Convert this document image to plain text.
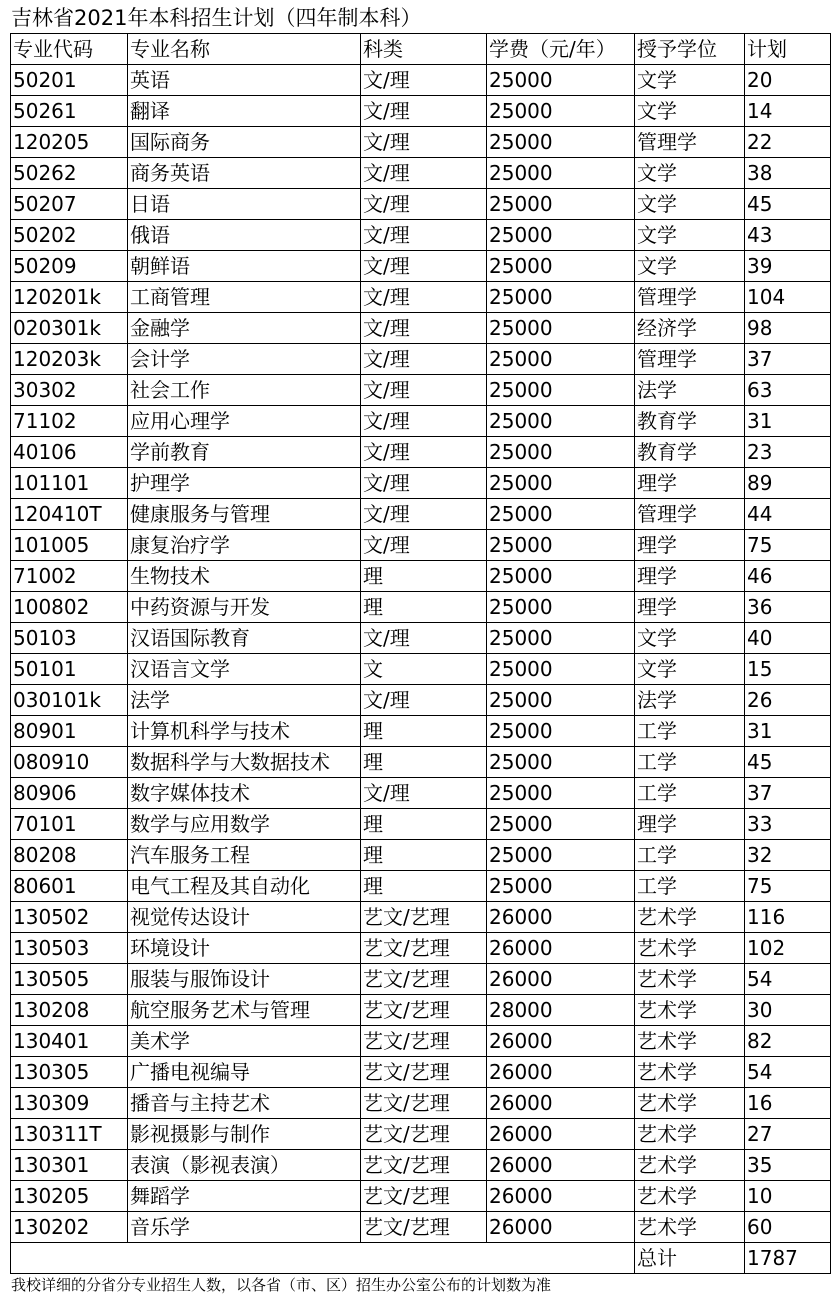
吉林省2021年本科招生计划（四年制本科）
专业代码	专业名称	科类	学费（元/年）	授予学位	计划
50201	英语	文/理	25000	文学	20
50261	翻译	文/理	25000	文学	14
120205	国际商务	文/理	25000	管理学	22
50262	商务英语	文/理	25000	文学	38
50207	日语	文/理	25000	文学	45
50202	俄语	文/理	25000	文学	43
50209	朝鲜语	文/理	25000	文学	39
120201k	工商管理	文/理	25000	管理学	104
020301k	金融学	文/理	25000	经济学	98
120203k	会计学	文/理	25000	管理学	37
30302	社会工作	文/理	25000	法学	63
71102	应用心理学	文/理	25000	教育学	31
40106	学前教育	文/理	25000	教育学	23
101101	护理学	文/理	25000	理学	89
120410T	健康服务与管理	文/理	25000	管理学	44
101005	康复治疗学	文/理	25000	理学	75
71002	生物技术	理	25000	理学	46
100802	中药资源与开发	理	25000	理学	36
50103	汉语国际教育	文/理	25000	文学	40
50101	汉语言文学	文	25000	文学	15
030101k	法学	文/理	25000	法学	26
80901	计算机科学与技术	理	25000	工学	31
080910	数据科学与大数据技术	理	25000	工学	45
80906	数字媒体技术	文/理	25000	工学	37
70101	数学与应用数学	理	25000	理学	33
80208	汽车服务工程	理	25000	工学	32
80601	电气工程及其自动化	理	25000	工学	75
130502	视觉传达设计	艺文/艺理	26000	艺术学	116
130503	环境设计	艺文/艺理	26000	艺术学	102
130505	服装与服饰设计	艺文/艺理	26000	艺术学	54
130208	航空服务艺术与管理	艺文/艺理	28000	艺术学	30
130401	美术学	艺文/艺理	26000	艺术学	82
130305	广播电视编导	艺文/艺理	26000	艺术学	54
130309	播音与主持艺术	艺文/艺理	26000	艺术学	16
130311T	影视摄影与制作	艺文/艺理	26000	艺术学	27
130301	表演（影视表演）	艺文/艺理	26000	艺术学	35
130205	舞蹈学	艺文/艺理	26000	艺术学	10
130202	音乐学	艺文/艺理	26000	艺术学	60
				总计	1787
我校详细的分省分专业招生人数，以各省（市、区）招生办公室公布的计划数为准
